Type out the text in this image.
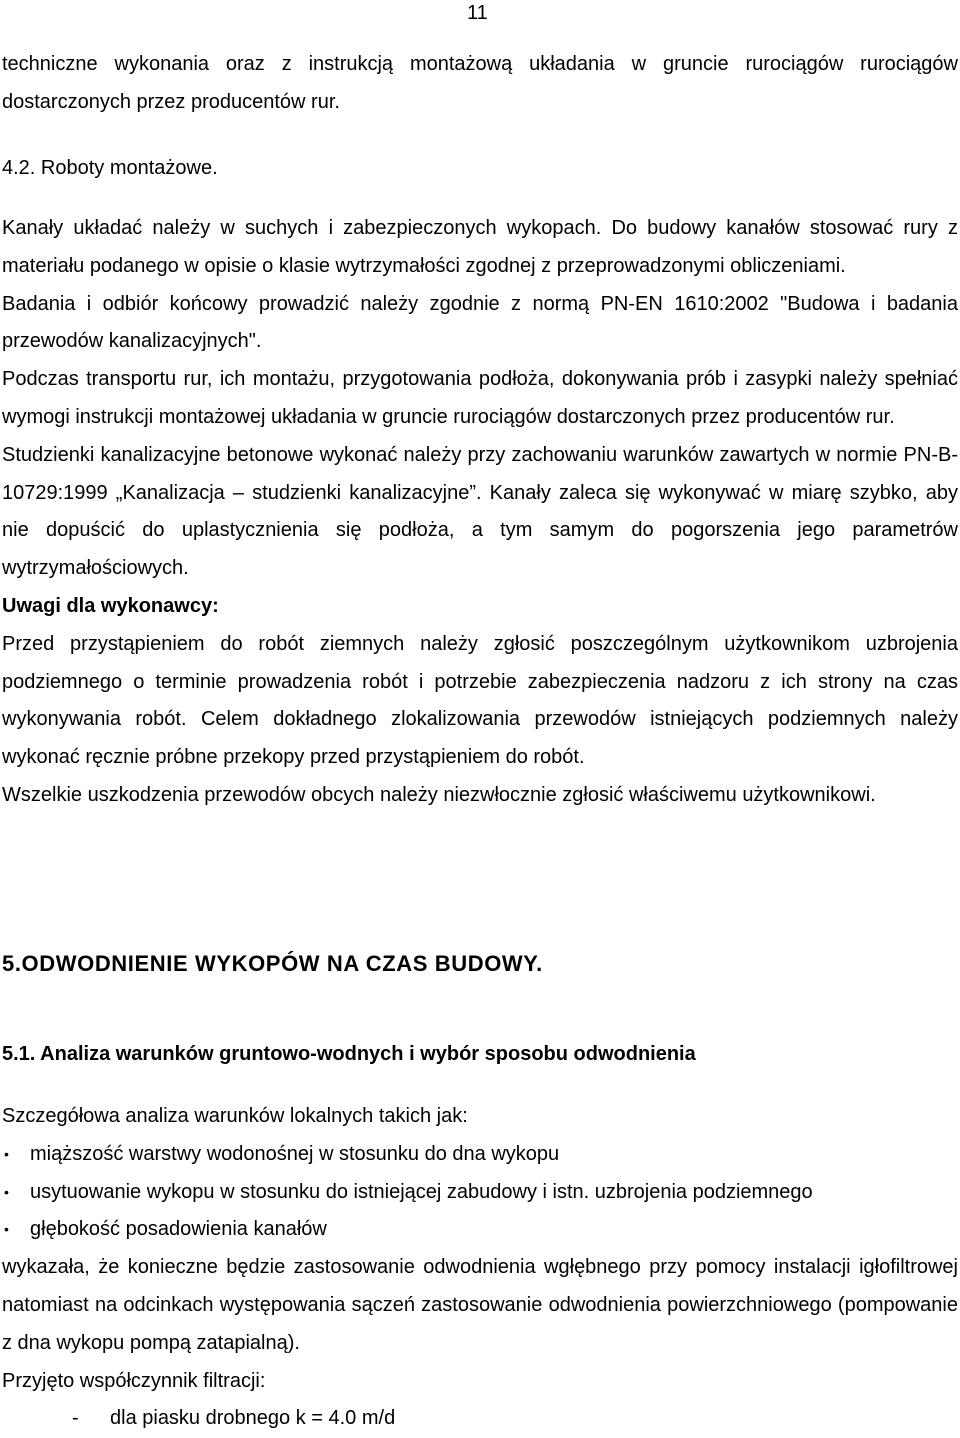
11

techniczne wykonania oraz z instrukcją montażową układania w gruncie rurociągów rurociągów dostarczonych przez producentów rur.

4.2. Roboty montażowe.

Kanały układać należy w suchych i zabezpieczonych wykopach. Do budowy kanałów stosować rury z materiału podanego w opisie o klasie wytrzymałości zgodnej z przeprowadzonymi obliczeniami.

Badania i odbiór końcowy prowadzić należy zgodnie z normą PN-EN 1610:2002 "Budowa i badania przewodów kanalizacyjnych".

Podczas transportu rur, ich montażu, przygotowania podłoża, dokonywania prób i zasypki należy spełniać wymogi instrukcji montażowej układania w gruncie rurociągów dostarczonych przez producentów rur.

Studzienki kanalizacyjne betonowe wykonać należy przy zachowaniu warunków zawartych w normie PN-B-10729:1999 „Kanalizacja – studzienki kanalizacyjne”. Kanały zaleca się wykonywać w miarę szybko, aby nie dopuścić do uplastycznienia się podłoża, a tym samym do pogorszenia jego parametrów wytrzymałościowych.

Uwagi dla wykonawcy:

Przed przystąpieniem do robót ziemnych należy zgłosić poszczególnym użytkownikom uzbrojenia podziemnego o terminie prowadzenia robót i potrzebie zabezpieczenia nadzoru z ich strony na czas wykonywania robót. Celem dokładnego zlokalizowania przewodów istniejących podziemnych należy wykonać ręcznie próbne przekopy przed przystąpieniem do robót.

Wszelkie uszkodzenia przewodów obcych należy niezwłocznie zgłosić właściwemu użytkownikowi.

5.ODWODNIENIE WYKOPÓW NA CZAS BUDOWY.
5.1. Analiza warunków gruntowo-wodnych i wybór sposobu odwodnienia

Szczegółowa analiza warunków lokalnych takich jak:

• miąższość warstwy wodonośnej w stosunku do dna wykopu
• usytuowanie wykopu w stosunku do istniejącej zabudowy i istn. uzbrojenia podziemnego
• głębokość posadowienia kanałów

wykazała, że konieczne będzie zastosowanie odwodnienia wgłębnego przy pomocy instalacji igłofiltrowej natomiast na odcinkach występowania sączeń zastosowanie odwodnienia powierzchniowego (pompowanie z dna wykopu pompą zatapialną).

Przyjęto współczynnik filtracji:

- dla piasku drobnego k = 4.0 m/d
